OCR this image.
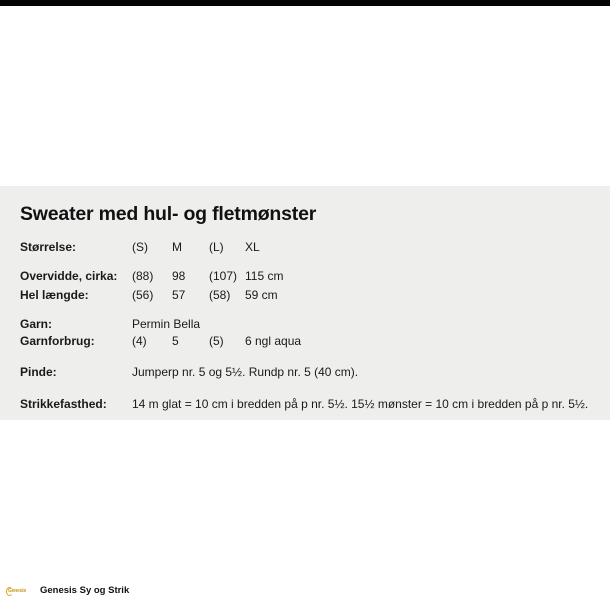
Sweater med hul- og fletmønster
Størrelse:	(S) M (L) XL
Overvidde, cirka: (88) 98 (107) 115 cm
Hel længde:	(56) 57 (58) 59 cm
Garn:	Permin Bella
Garnforbrug:	(4) 5	(5) 6 ngl aqua
Pinde:	Jumperp nr. 5 og 5½. Rundp nr. 5 (40 cm).
Strikkefasthed: 14 m glat = 10 cm i bredden på p nr. 5½. 15½ mønster = 10 cm i bredden på p nr. 5½.
Genesis	Genesis Sy og Strik
